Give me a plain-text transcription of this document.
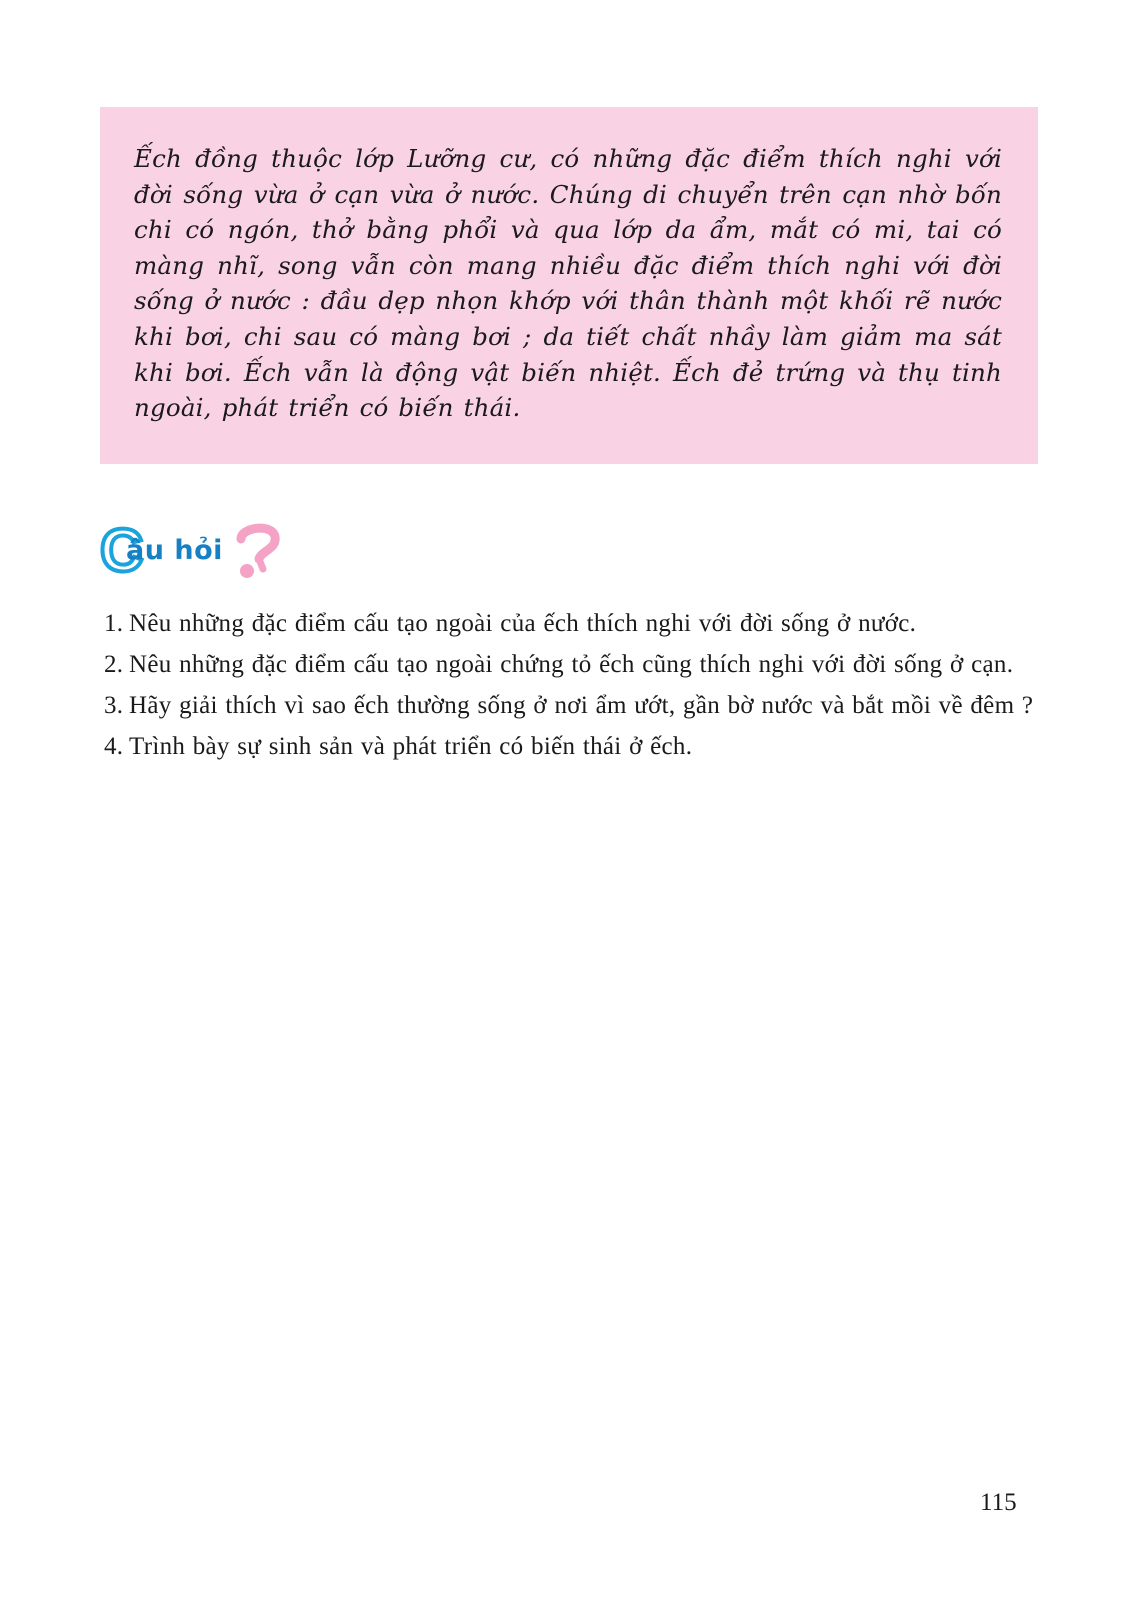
Ếch đồng thuộc lớp Lưỡng cư, có những đặc điểm thích nghi với đời sống vừa ở cạn vừa ở nước. Chúng di chuyển trên cạn nhờ bốn chi có ngón, thở bằng phổi và qua lớp da ẩm, mắt có mi, tai có màng nhĩ, song vẫn còn mang nhiều đặc điểm thích nghi với đời sống ở nước : đầu dẹp nhọn khớp với thân thành một khối rẽ nước khi bơi, chi sau có màng bơi ; da tiết chất nhầy làm giảm ma sát khi bơi. Ếch vẫn là động vật biến nhiệt. Ếch đẻ trứng và thụ tinh ngoài, phát triển có biến thái.

C
âu hỏi
1. Nêu những đặc điểm cấu tạo ngoài của ếch thích nghi với đời sống ở nước.
2. Nêu những đặc điểm cấu tạo ngoài chứng tỏ ếch cũng thích nghi với đời sống ở cạn.
3. Hãy giải thích vì sao ếch thường sống ở nơi ẩm ướt, gần bờ nước và bắt mồi về đêm ?
4. Trình bày sự sinh sản và phát triển có biến thái ở ếch.
115
